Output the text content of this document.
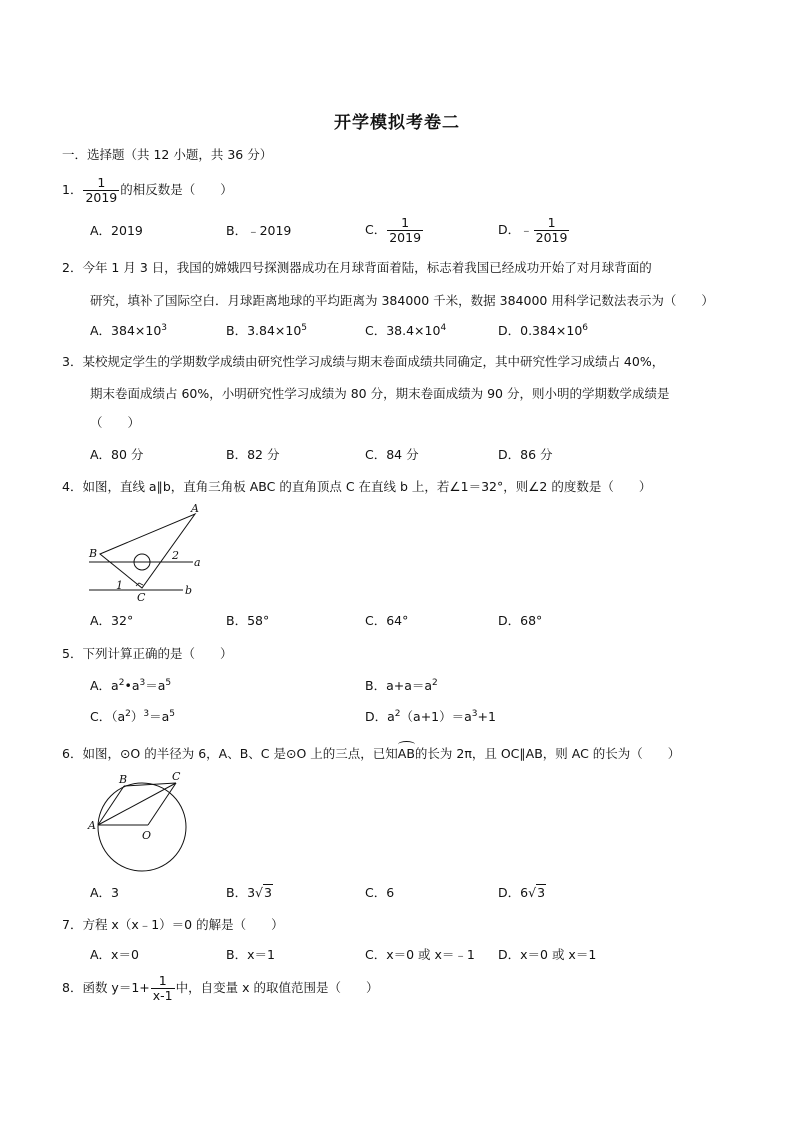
开学模拟考卷二
一．选择题（共 12 小题，共 36 分）
1． $\frac{1}{2019}$ 的相反数是（　　）
A．2019	B．﹣2019	C． $\frac{1}{2019}$	D．﹣ $\frac{1}{2019}$
2．今年 1 月 3 日，我国的嫦娥四号探测器成功在月球背面着陆，标志着我国已经成功开始了对月球背面的
研究，填补了国际空白．月球距离地球的平均距离为 384000 千米，数据 384000 用科学记数法表示为（　　）
A．$384\times 10^3$	B．$3.84\times 10^5$	C．$38.4\times 10^4$	D．$0.384\times 10^6$
3．某校规定学生的学期数学成绩由研究性学习成绩与期末卷面成绩共同确定，其中研究性学习成绩占 40%，
期末卷面成绩占 60%，小明研究性学习成绩为 80 分，期末卷面成绩为 90 分，则小明的学期数学成绩是
（　　）
A．80 分	B．82 分	C．84 分	D．86 分
4．如图，直线 a∥b，直角三角板 ABC 的直角顶点 C 在直线 b 上，若∠1＝32°，则∠2 的度数是（　　）
A
B
C
a
b
1
2
A．32°	B．58°	C．64°	D．68°
5．下列计算正确的是（　　）
A．$a^2•a^3=a^5$	B．$a+a=a^2$
C．$(a^2)^3=a^5$	D．$a^2(a+1)=a^3+1$
6．如图，⊙O 的半径为 6，A、B、C 是⊙O 上的三点，已知AB的长为 2π，且 OC∥AB，则 AC 的长为（　　）
A
B	C
O
A．3	B．3√3	C．6	D．6√3
7．方程 x（x﹣1）＝0 的解是（　　）
A．x＝0	B．x＝1	C．x＝0 或 x＝﹣1 D．x＝0 或 x＝1
8．函数 $y=1+ \frac{1}{x-1}$ 中，自变量 x 的取值范围是（　　）
